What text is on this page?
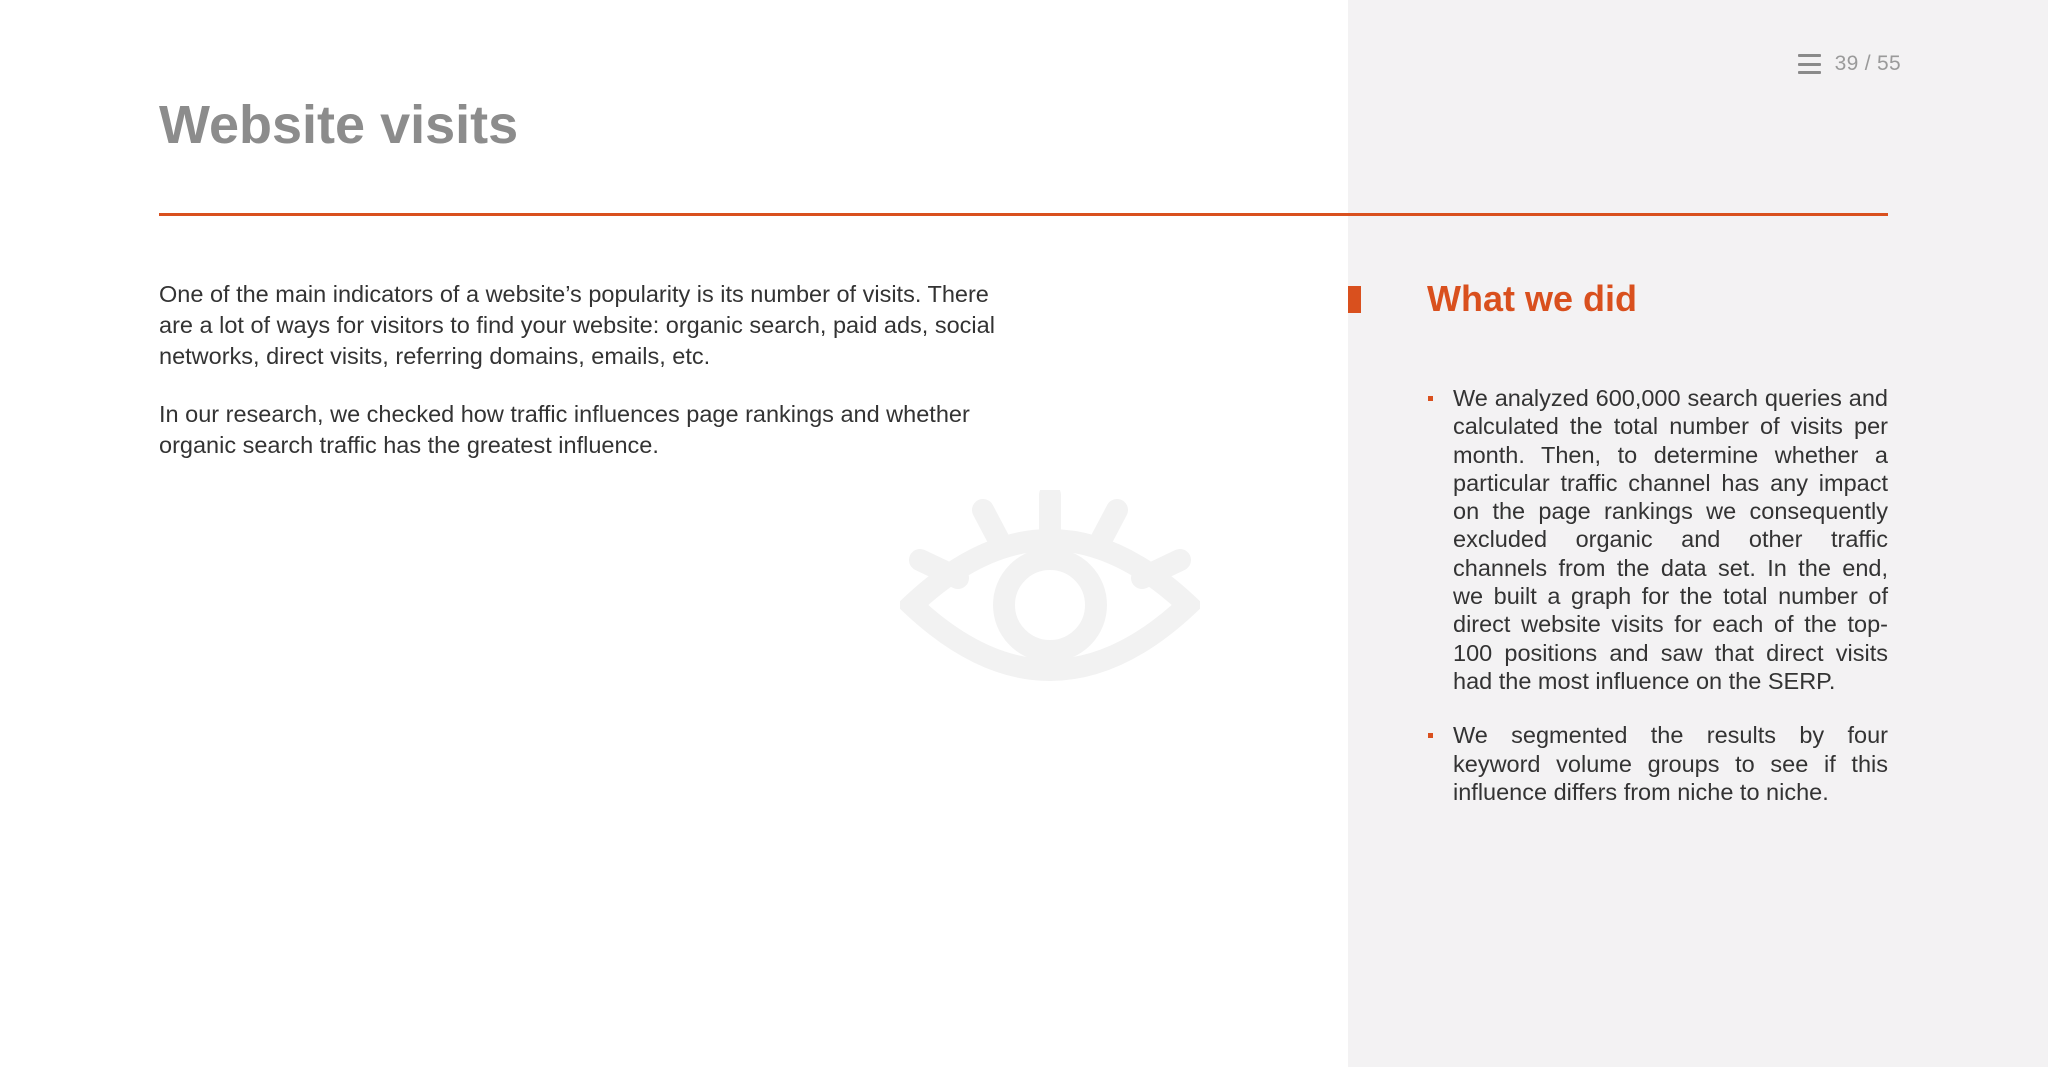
39 / 55
Website visits

One of the main indicators of a website’s popularity is its number of visits. There are a lot of ways for visitors to find your website: organic search, paid ads, social networks, direct visits, referring domains, emails, etc.

In our research, we checked how traffic influences page rankings and whether organic search traffic has the greatest influence.

What we did
We analyzed 600,000 search queries and calculated the total number of visits per month. Then, to determine whether a particular traffic channel has any impact on the page rankings we consequently excluded organic and other traffic channels from the data set. In the end, we built a graph for the total number of direct website visits for each of the top-100 positions and saw that direct visits had the most influence on the SERP.
We segmented the results by four keyword volume groups to see if this influence differs from niche to niche.
